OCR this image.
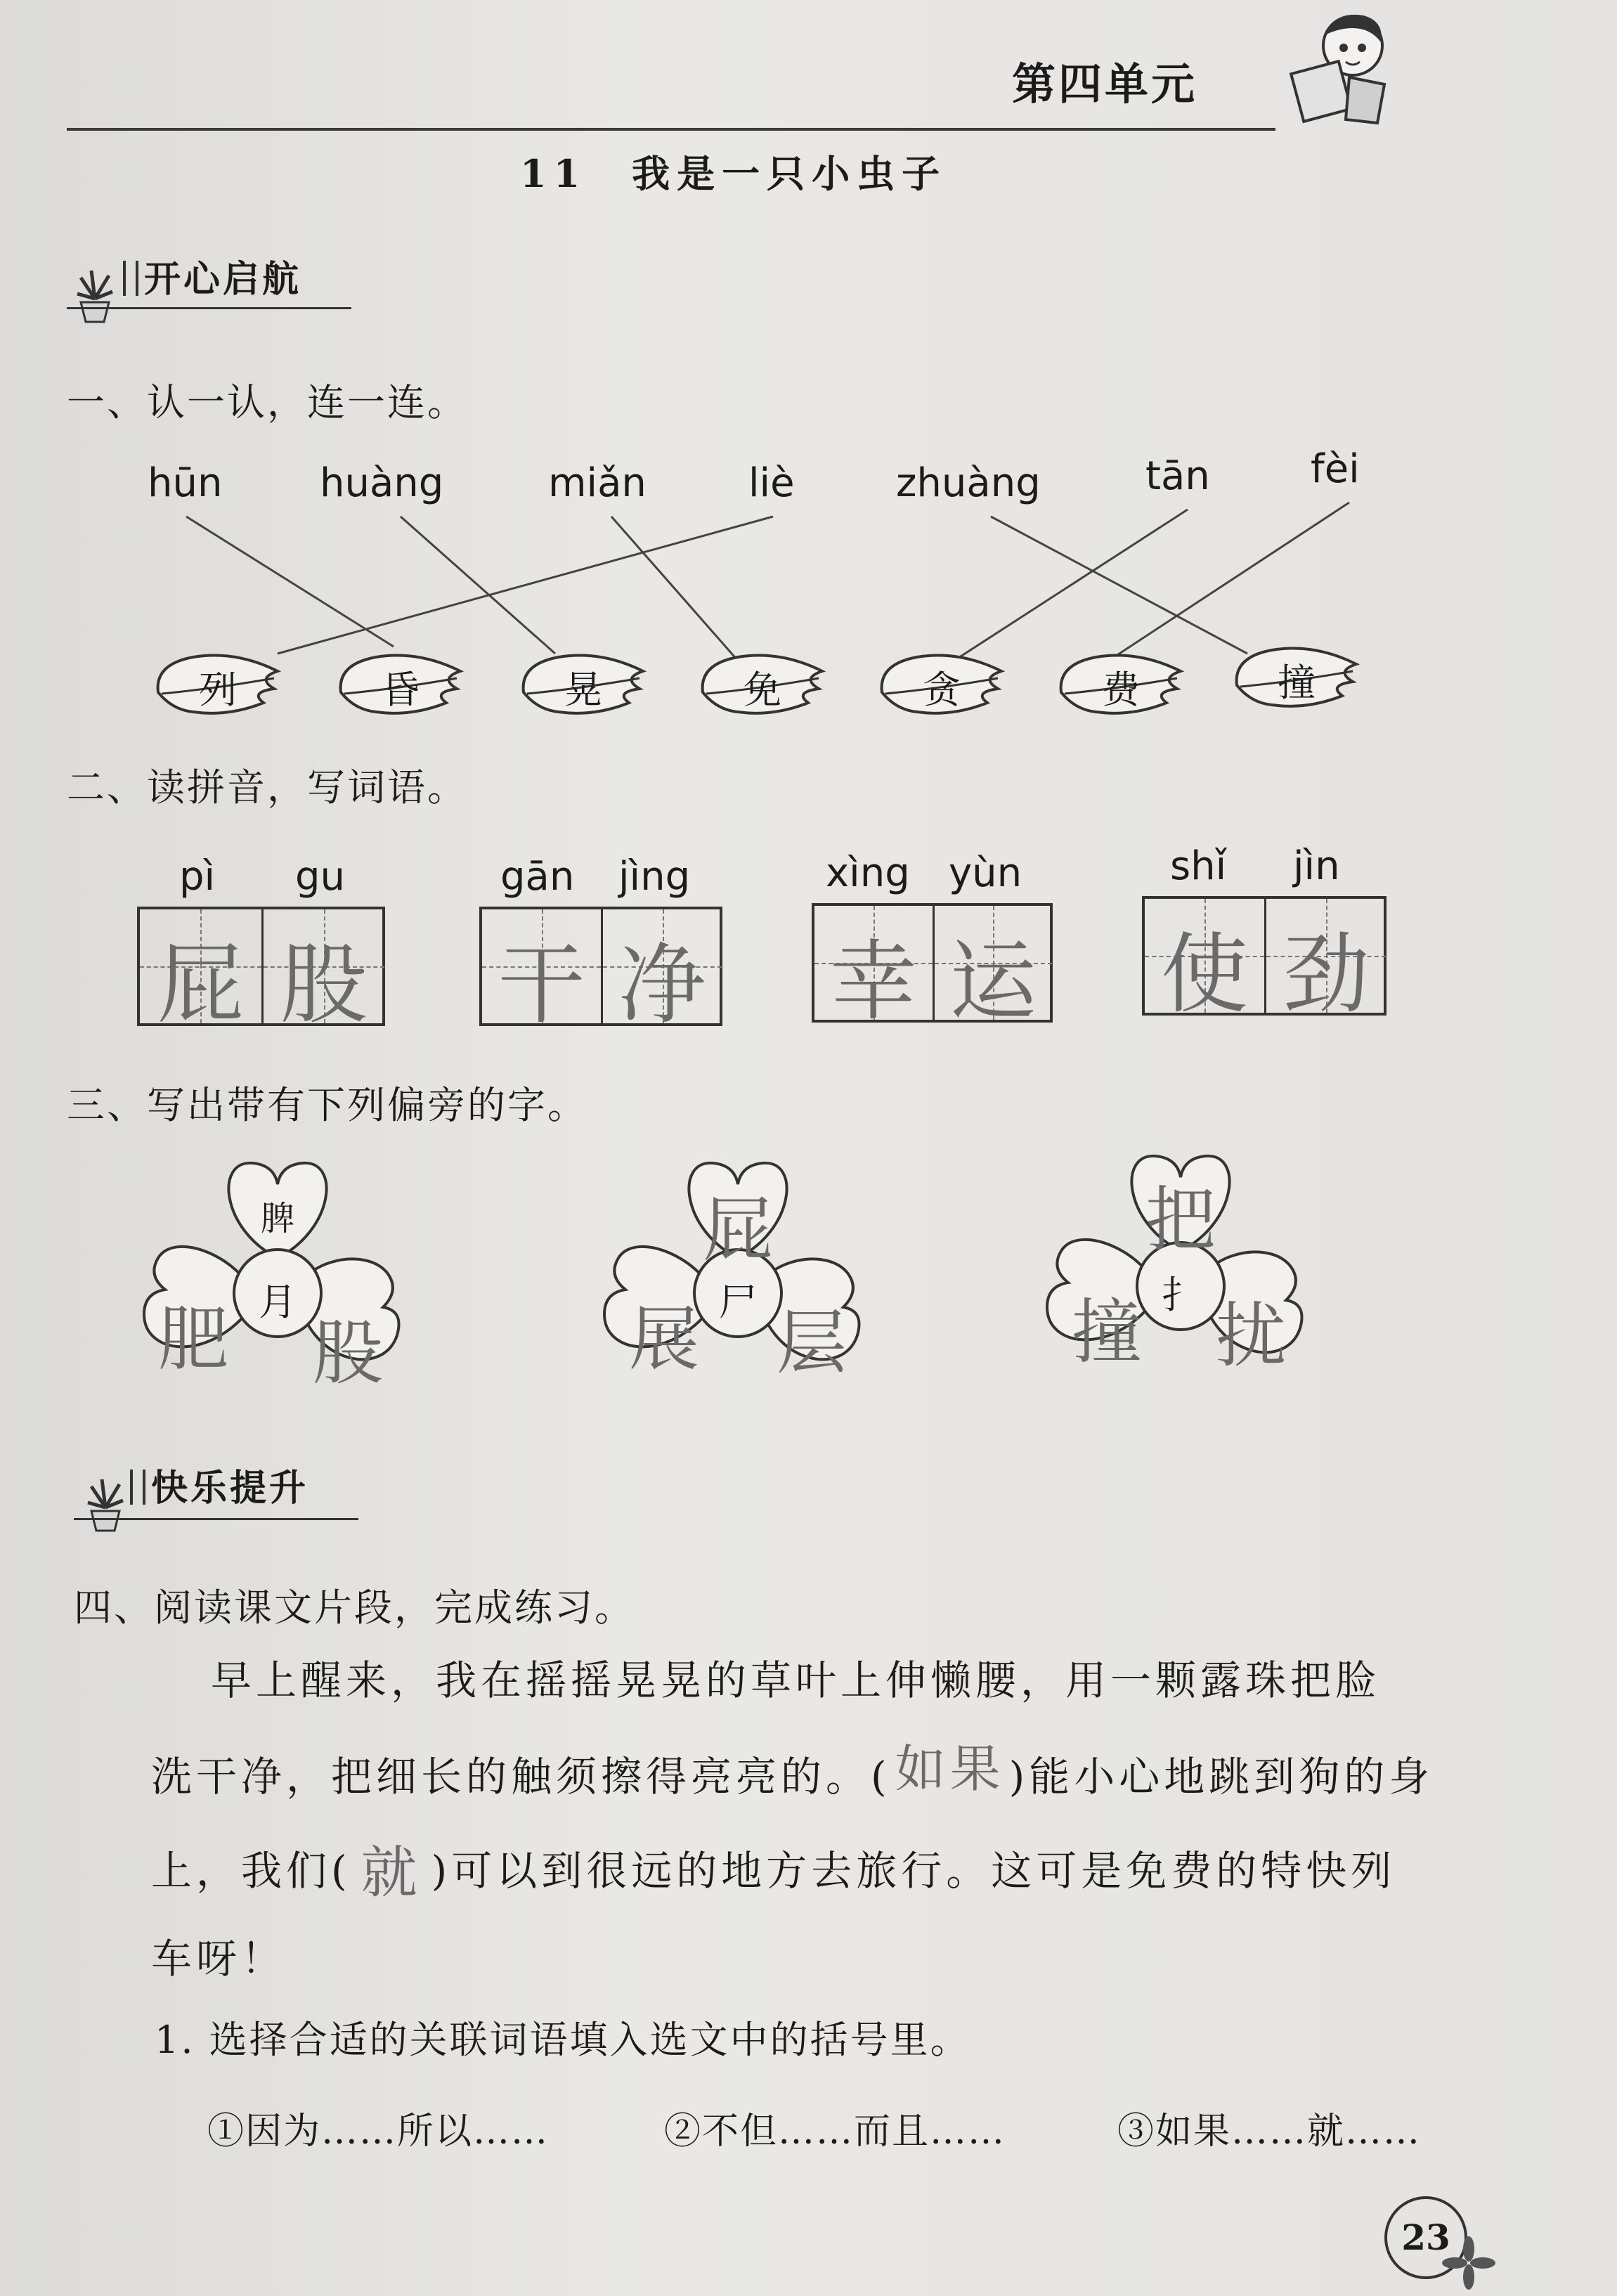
第四单元
11　我是一只小虫子
开心启航
一、认一认，连一连。
hūn huàng	miǎn	liè	zhuàng	tān	fèi
列	昏	晃	免	贪	费	撞
二、读拼音，写词语。
pì gu
屁 股
gān jìng
干 净
xìng yùn
幸 运
shǐ jìn
使 劲
三、写出带有下列偏旁的字。
脾
月
肥 股
屁
尸
展 层
把
扌
撞 扰
快乐提升
四、阅读课文片段，完成练习。
早上醒来，我在摇摇晃晃的草叶上伸懒腰，用一颗露珠把脸
洗干净，把细长的触须擦得亮亮的。(如果 )能小心地跳到狗的身
上，我们( 就 )可以到很远的地方去旅行。这可是免费的特快列
车呀！
1. 选择合适的关联词语填入选文中的括号里。
①因为……所以……	②不但……而且……	③如果……就……
23
